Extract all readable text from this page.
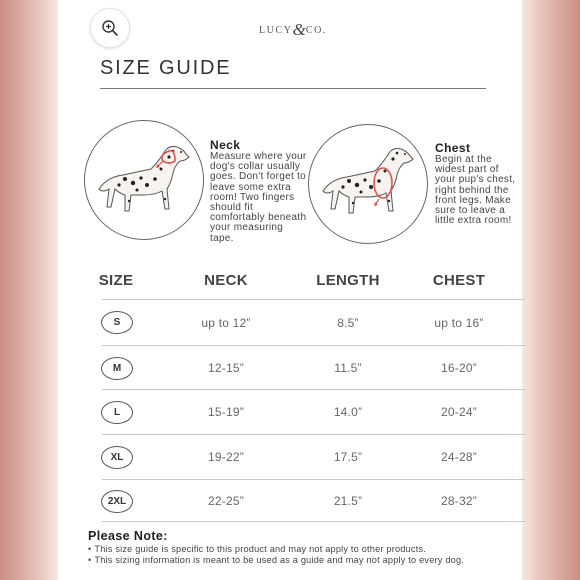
LUCY&CO.
SIZE GUIDE
Neck

Measure where your dog's collar usually goes. Don't forget to leave some extra room! Two fingers should fit comfortably beneath your measuring tape.

Chest

Begin at the widest part of your pup's chest, right behind the front legs. Make sure to leave a little extra room!

SIZE	NECK	LENGTH	CHEST
S	up to 12”	8.5”	up to 16”
M	12-15”	11.5”	16-20”
L	15-19”	14.0”	20-24”
XL	19-22”	17.5”	24-28”
2XL	22-25”	21.5”	28-32”
Please Note:
• This size guide is specific to this product and may not apply to other products.
• This sizing information is meant to be used as a guide and may not apply to every dog.
